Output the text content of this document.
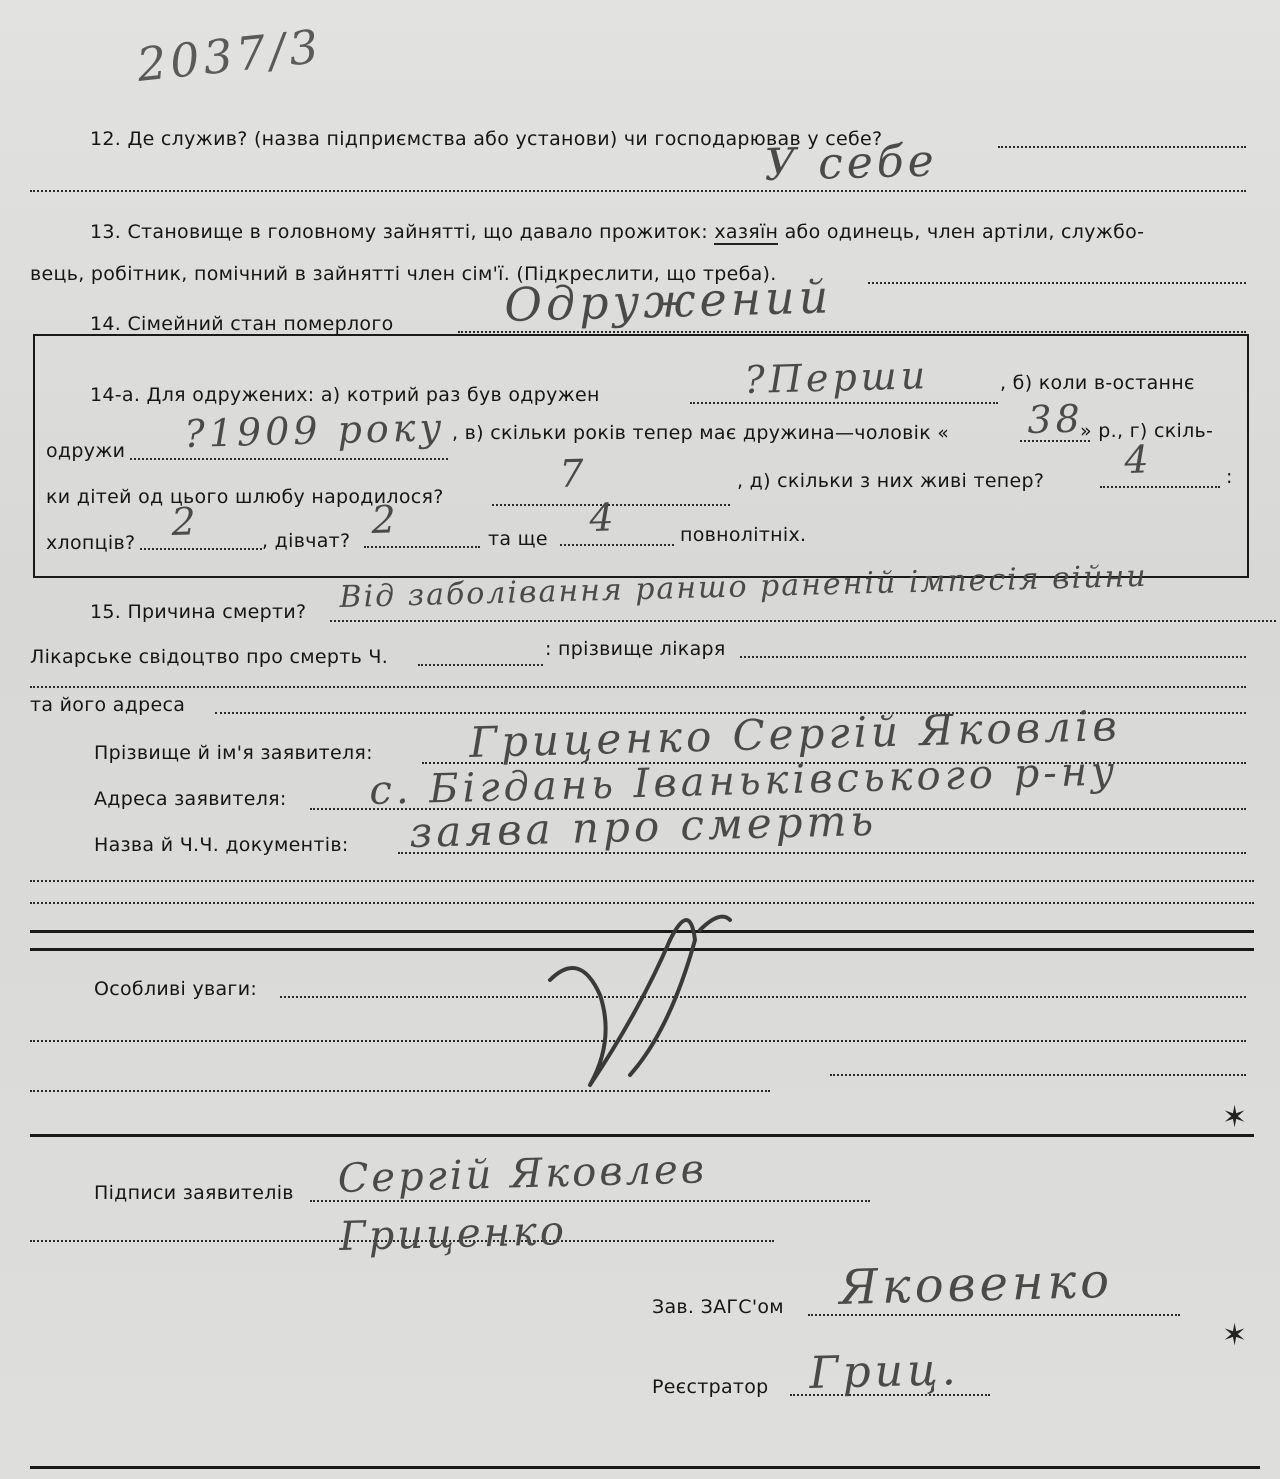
2037/3
12. Де служив? (назва підприємства або установи) чи господарював у себе?
У себе
13. Становище в головному зайнятті, що давало прожиток: хазяїн або одинець, член артіли, службо-
вець, робітник, помічний в зайнятті член сім'ї. (Підкреслити, що треба).
14. Сімейний стан померлого Одружений
14-а. Для одружених: а) котрий раз був одружен	?Перши	, б) коли в-останнє
одружи ?1909 року , в) скільки років тепер має дружина—чоловік « 38
» р., г) скіль-
ки дітей од цього шлюбу народилося?
7	, д) скільки з них живі тепер? 4	:
хлопців? 2	, дівчат? 2	та ще 4	повнолітніх.
15. Причина смерти? Від заболівання раншо раненій імпесія війни
Лікарське свідоцтво про смерть Ч.	: прізвище лікаря
та його адреса
Прізвище й ім'я заявителя: Гриценко Сергій Яковлів
Адреса заявителя: с. Бігдань Іваньківського р-ну
Назва й Ч.Ч. документів: заява про смерть
Особливі уваги:
✶
Підписи заявителів Сергій Яковлев Гриценко
Зав. ЗАГС'ом Яковенко
✶
Реєстратор Гриц.
